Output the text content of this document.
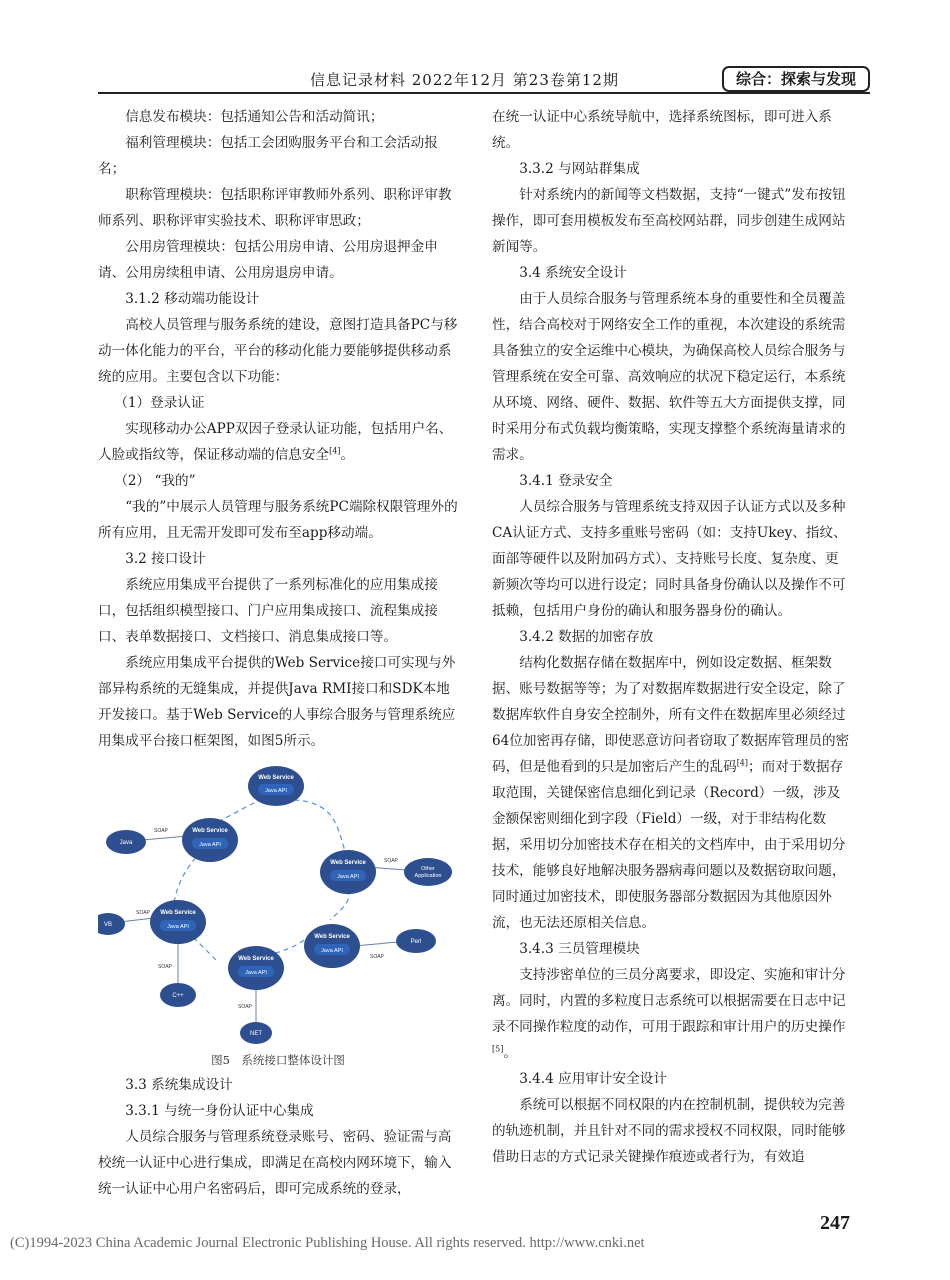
信息记录材料 2022年12月 第23卷第12期	综合：探索与发现

信息发布模块：包括通知公告和活动简讯；

福利管理模块：包括工会团购服务平台和工会活动报名；

职称管理模块：包括职称评审教师外系列、职称评审教师系列、职称评审实验技术、职称评审思政；

公用房管理模块：包括公用房申请、公用房退押金申请、公用房续租申请、公用房退房申请。

3.1.2 移动端功能设计

高校人员管理与服务系统的建设，意图打造具备PC与移动一体化能力的平台，平台的移动化能力要能够提供移动系统的应用。主要包含以下功能：

（1）登录认证

实现移动办公APP双因子登录认证功能，包括用户名、人脸或指纹等，保证移动端的信息安全[4]。

（2） “我的”

“我的”中展示人员管理与服务系统PC端除权限管理外的所有应用，且无需开发即可发布至app移动端。

3.2 接口设计

系统应用集成平台提供了一系列标准化的应用集成接口，包括组织模型接口、门户应用集成接口、流程集成接口、表单数据接口、文档接口、消息集成接口等。

系统应用集成平台提供的Web Service接口可实现与外部异构系统的无缝集成，并提供Java RMI接口和SDK本地开发接口。基于Web Service的人事综合服务与管理系统应用集成平台接口框架图，如图5所示。

SOAP
SOAP
SOAP
SOAP
SOAP
SOAP
Java
VB
C++
NET
Perl
Other
Application
Web Service
Java API
Web Service
Java API
Web Service
Java API
Web Service
Java API
Web Service
Java API
Web Service
Java API
图5　系统接口整体设计图

3.3 系统集成设计

3.3.1 与统一身份认证中心集成

人员综合服务与管理系统登录账号、密码、验证需与高校统一认证中心进行集成，即满足在高校内网环境下，输入统一认证中心用户名密码后，即可完成系统的登录，

在统一认证中心系统导航中，选择系统图标，即可进入系统。

3.3.2 与网站群集成

针对系统内的新闻等文档数据，支持“一键式”发布按钮操作，即可套用模板发布至高校网站群，同步创建生成网站新闻等。

3.4 系统安全设计

由于人员综合服务与管理系统本身的重要性和全员覆盖性，结合高校对于网络安全工作的重视，本次建设的系统需具备独立的安全运维中心模块，为确保高校人员综合服务与管理系统在安全可靠、高效响应的状况下稳定运行，本系统从环境、网络、硬件、数据、软件等五大方面提供支撑，同时采用分布式负载均衡策略，实现支撑整个系统海量请求的需求。

3.4.1 登录安全

人员综合服务与管理系统支持双因子认证方式以及多种CA认证方式、支持多重账号密码（如：支持Ukey、指纹、面部等硬件以及附加码方式）、支持账号长度、复杂度、更新频次等均可以进行设定；同时具备身份确认以及操作不可抵赖，包括用户身份的确认和服务器身份的确认。

3.4.2 数据的加密存放

结构化数据存储在数据库中，例如设定数据、框架数据、账号数据等等；为了对数据库数据进行安全设定，除了数据库软件自身安全控制外，所有文件在数据库里必须经过64位加密再存储，即使恶意访问者窃取了数据库管理员的密码，但是他看到的只是加密后产生的乱码[4]；而对于数据存取范围，关键保密信息细化到记录（Record）一级，涉及金额保密则细化到字段（Field）一级，对于非结构化数据，采用切分加密技术存在相关的文档库中，由于采用切分技术，能够良好地解决服务器病毒问题以及数据窃取问题，同时通过加密技术，即使服务器部分数据因为其他原因外流，也无法还原相关信息。

3.4.3 三员管理模块

支持涉密单位的三员分离要求，即设定、实施和审计分离。同时，内置的多粒度日志系统可以根据需要在日志中记录不同操作粒度的动作，可用于跟踪和审计用户的历史操作[5]。

3.4.4 应用审计安全设计

系统可以根据不同权限的内在控制机制，提供较为完善的轨迹机制，并且针对不同的需求授权不同权限，同时能够借助日志的方式记录关键操作痕迹或者行为，有效追

247
(C)1994-2023 China Academic Journal Electronic Publishing House. All rights reserved. http://www.cnki.net
